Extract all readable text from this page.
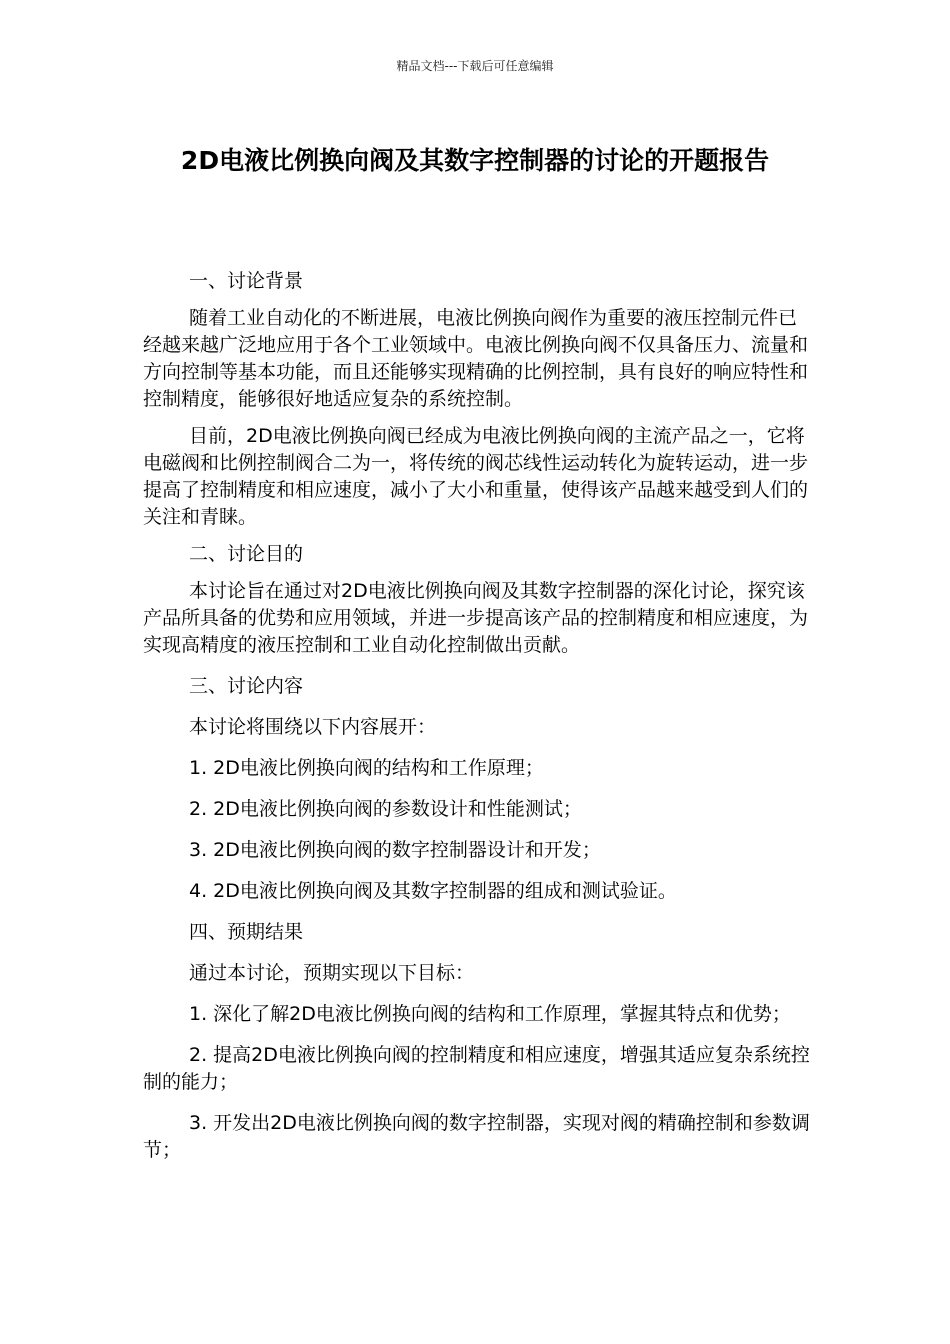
精品文档---下载后可任意编辑
2D电液比例换向阀及其数字控制器的讨论的开题报告

一、讨论背景

随着工业自动化的不断进展，电液比例换向阀作为重要的液压控制元件已经越来越广泛地应用于各个工业领域中。电液比例换向阀不仅具备压力、流量和方向控制等基本功能，而且还能够实现精确的比例控制，具有良好的响应特性和控制精度，能够很好地适应复杂的系统控制。

目前，2D电液比例换向阀已经成为电液比例换向阀的主流产品之一，它将电磁阀和比例控制阀合二为一，将传统的阀芯线性运动转化为旋转运动，进一步提高了控制精度和相应速度，减小了大小和重量，使得该产品越来越受到人们的关注和青睐。

二、讨论目的

本讨论旨在通过对2D电液比例换向阀及其数字控制器的深化讨论，探究该产品所具备的优势和应用领域，并进一步提高该产品的控制精度和相应速度，为实现高精度的液压控制和工业自动化控制做出贡献。

三、讨论内容

本讨论将围绕以下内容展开：

1. 2D电液比例换向阀的结构和工作原理；

2. 2D电液比例换向阀的参数设计和性能测试；

3. 2D电液比例换向阀的数字控制器设计和开发；

4. 2D电液比例换向阀及其数字控制器的组成和测试验证。

四、预期结果

通过本讨论，预期实现以下目标：

1. 深化了解2D电液比例换向阀的结构和工作原理，掌握其特点和优势；

2. 提高2D电液比例换向阀的控制精度和相应速度，增强其适应复杂系统控制的能力；

3. 开发出2D电液比例换向阀的数字控制器，实现对阀的精确控制和参数调节；
